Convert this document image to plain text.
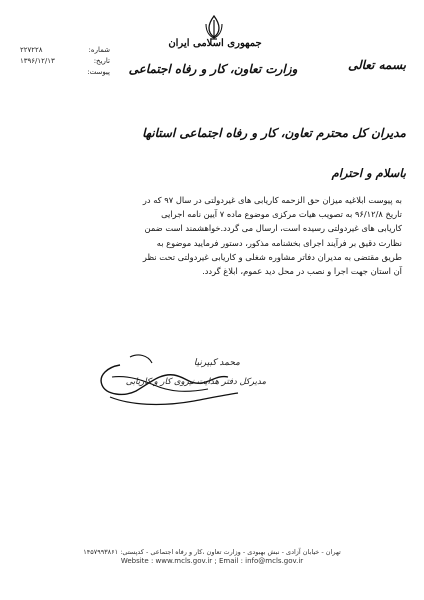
بسمه تعالی
جمهوری اسلامی ایران
وزارت تعاون، کار و رفاه اجتماعی
شماره:
۲۲۷۲۲۸
تاریخ:
۱۳۹۶/۱۲/۱۳
پیوست:
مدیران کل محترم تعاون، کار و رفاه اجتماعی استانها
باسلام و احترام
به پیوست ابلاغیه میزان حق الزحمه کاریابی های غیردولتی در سال ۹۷ که در
تاریخ ۹۶/۱۲/۸ به تصویب هیات مرکزی موضوع ماده ۷ آیین نامه اجرایی
کاریابی های غیردولتی رسیده است، ارسال می گردد.خواهشمند است ضمن
نظارت دقیق بر فرآیند اجرای بخشنامه مذکور، دستور فرمایید موضوع به
طریق مقتضی به مدیران دفاتر مشاوره شغلی و کاریابی غیردولتی تحت نظر
آن استان جهت اجرا و نصب در محل دید عموم، ابلاغ گردد.
محمد کبیرنیا
مدیرکل دفتر هدایت نیروی کار و کاریابی
تهران - خیابان آزادی - نبش بهبودی - وزارت تعاون ،کار و رفاه اجتماعی - کدپستی: ۱۴۵۷۹۹۳۸۶۱
Website : www.mcls.gov.ir ; Email : info@mcls.gov.ir
